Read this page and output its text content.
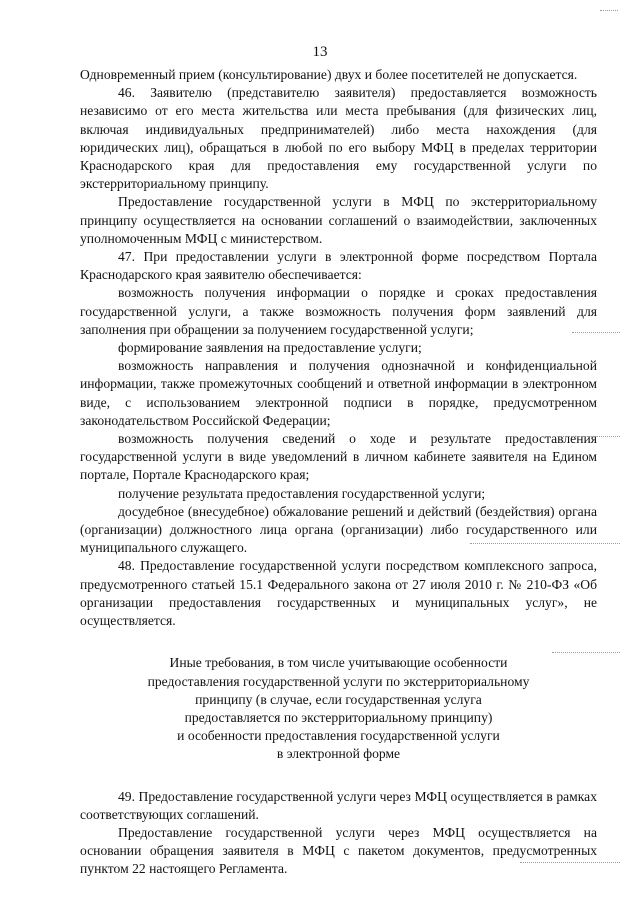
13

Одновременный прием (консультирование) двух и более посетителей не допускается.

46. Заявителю (представителю заявителя) предоставляется возможность независимо от его места жительства или места пребывания (для физических лиц, включая индивидуальных предпринимателей) либо места нахождения (для юридических лиц), обращаться в любой по его выбору МФЦ в пределах территории Краснодарского края для предоставления ему государственной услуги по экстерриториальному принципу.

Предоставление государственной услуги в МФЦ по экстерриториальному принципу осуществляется на основании соглашений о взаимодействии, заключенных уполномоченным МФЦ с министерством.

47. При предоставлении услуги в электронной форме посредством Портала Краснодарского края заявителю обеспечивается:

возможность получения информации о порядке и сроках предоставления государственной услуги, а также возможность получения форм заявлений для заполнения при обращении за получением государственной услуги;

формирование заявления на предоставление услуги;

возможность направления и получения однозначной и конфиденциальной информации, также промежуточных сообщений и ответной информации в электронном виде, с использованием электронной подписи в порядке, предусмотренном законодательством Российской Федерации;

возможность получения сведений о ходе и результате предоставления государственной услуги в виде уведомлений в личном кабинете заявителя на Едином портале, Портале Краснодарского края;

получение результата предоставления государственной услуги;

досудебное (внесудебное) обжалование решений и действий (бездействия) органа (организации) должностного лица органа (организации) либо государственного или муниципального служащего.

48. Предоставление государственной услуги посредством комплексного запроса, предусмотренного статьей 15.1 Федерального закона от 27 июля 2010 г. № 210-ФЗ «Об организации предоставления государственных и муниципальных услуг», не осуществляется.

Иные требования, в том числе учитывающие особенности
предоставления государственной услуги по экстерриториальному
принципу (в случае, если государственная услуга
предоставляется по экстерриториальному принципу)
и особенности предоставления государственной услуги
в электронной форме

49. Предоставление государственной услуги через МФЦ осуществляется в рамках соответствующих соглашений.

Предоставление государственной услуги через МФЦ осуществляется на основании обращения заявителя в МФЦ с пакетом документов, предусмотренных пунктом 22 настоящего Регламента.
